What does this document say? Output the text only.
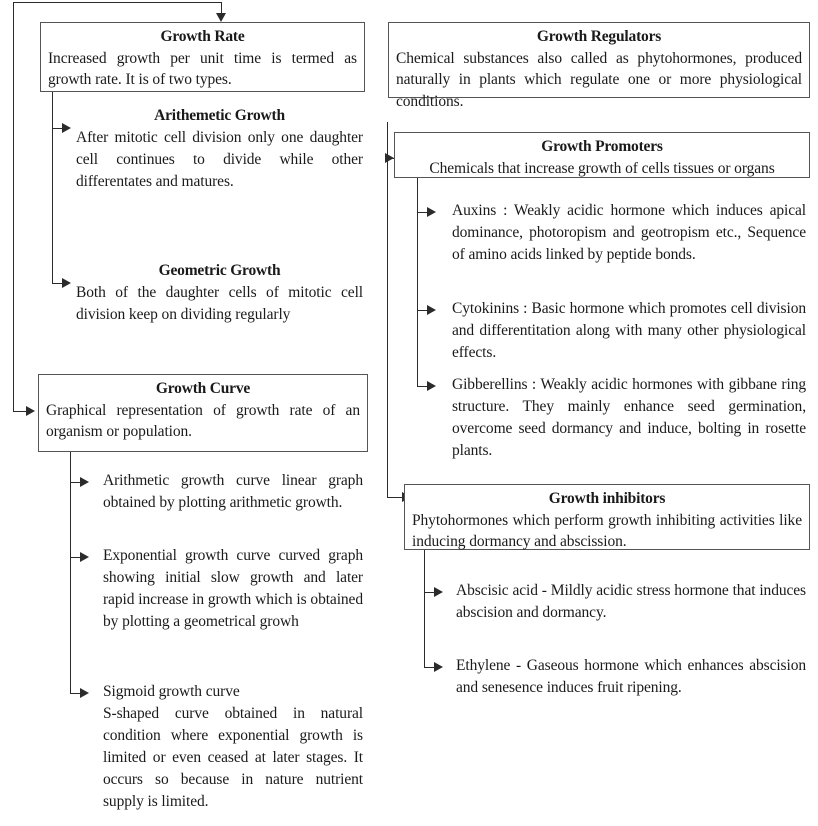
Growth Rate
Increased growth per unit time is termed as growth rate. It is of two types.
Arithemetic Growth
After mitotic cell division only one daughter cell continues to divide while other differentates and matures.
Geometric Growth
Both of the daughter cells of mitotic cell division keep on dividing regularly
Growth Curve
Graphical representation of growth rate of an organism or population.
Arithmetic growth curve linear graph obtained by plotting arithmetic growth.
Exponential growth curve curved graph showing initial slow growth and later rapid increase in growth which is obtained by plotting a geometrical growh
Sigmoid growth curve
S-shaped curve obtained in natural condition where exponential growth is limited or even ceased at later stages. It occurs so because in nature nutrient supply is limited.
Growth Regulators
Chemical substances also called as phytohormones, produced naturally in plants which regulate one or more physiological conditions.
Growth Promoters
Chemicals that increase growth of cells tissues or organs
Auxins : Weakly acidic hormone which induces apical dominance, photoropism and geotropism etc., Sequence of amino acids linked by peptide bonds.
Cytokinins : Basic hormone which promotes cell division and differentitation along with many other physiological effects.
Gibberellins : Weakly acidic hormones with gibbane ring structure. They mainly enhance seed germination, overcome seed dormancy and induce, bolting in rosette plants.
Growth inhibitors
Phytohormones which perform growth inhibiting activities like inducing dormancy and abscission.
Abscisic acid - Mildly acidic stress hormone that induces abscision and dormancy.
Ethylene - Gaseous hormone which enhances abscision and senesence induces fruit ripening.
